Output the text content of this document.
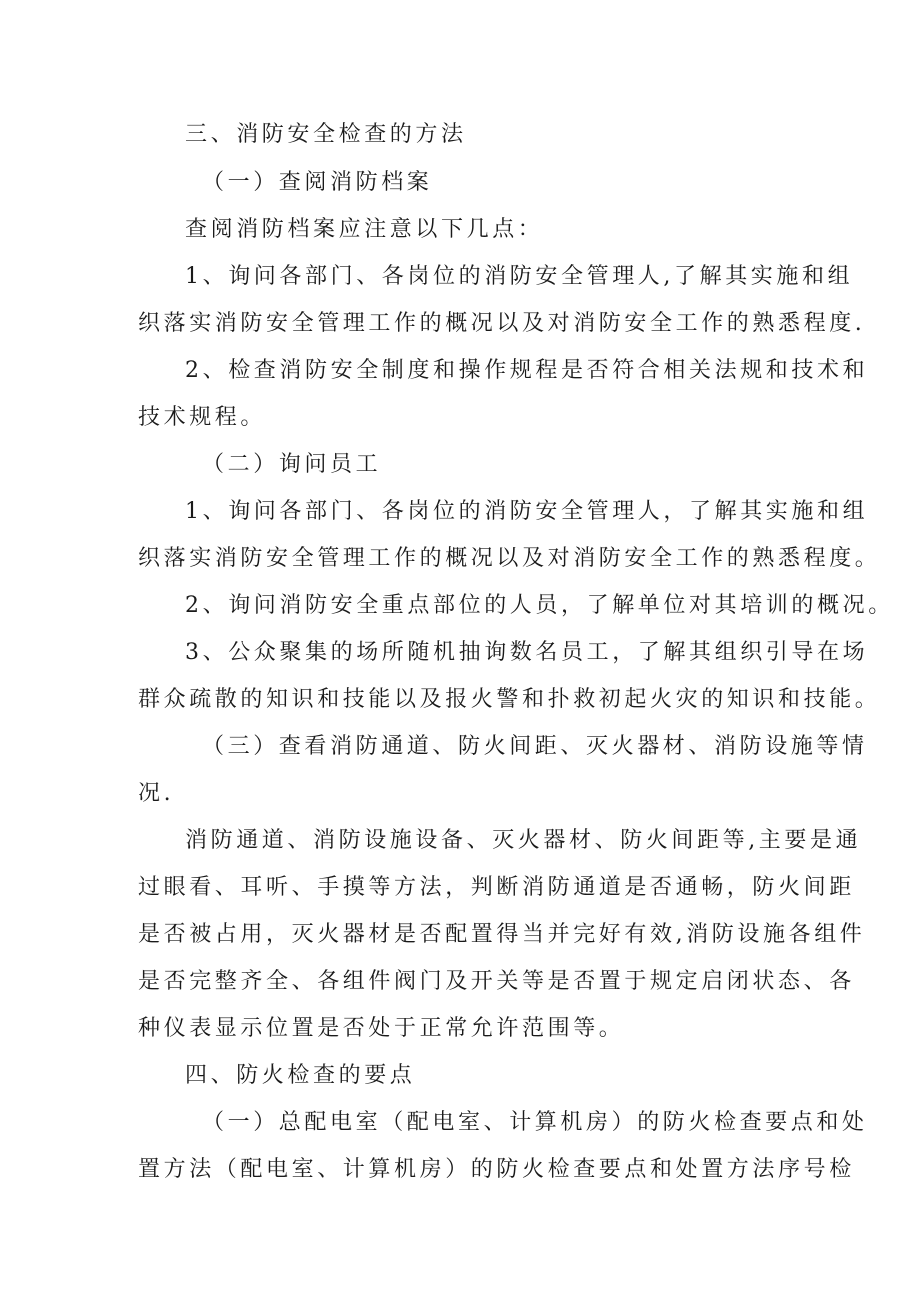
三、消防安全检查的方法
（一）查阅消防档案
查阅消防档案应注意以下几点：
1、询问各部门、各岗位的消防安全管理人,了解其实施和组
织落实消防安全管理工作的概况以及对消防安全工作的熟悉程度.
2、检查消防安全制度和操作规程是否符合相关法规和技术和
技术规程。
（二）询问员工
1、询问各部门、各岗位的消防安全管理人，了解其实施和组
织落实消防安全管理工作的概况以及对消防安全工作的熟悉程度。
2、询问消防安全重点部位的人员，了解单位对其培训的概况。
3、公众聚集的场所随机抽询数名员工，了解其组织引导在场
群众疏散的知识和技能以及报火警和扑救初起火灾的知识和技能。
（三）查看消防通道、防火间距、灭火器材、消防设施等情
况.
消防通道、消防设施设备、灭火器材、防火间距等,主要是通
过眼看、耳听、手摸等方法，判断消防通道是否通畅，防火间距
是否被占用，灭火器材是否配置得当并完好有效,消防设施各组件
是否完整齐全、各组件阀门及开关等是否置于规定启闭状态、各
种仪表显示位置是否处于正常允许范围等。
四、防火检查的要点
（一）总配电室（配电室、计算机房）的防火检查要点和处
置方法（配电室、计算机房）的防火检查要点和处置方法序号检
